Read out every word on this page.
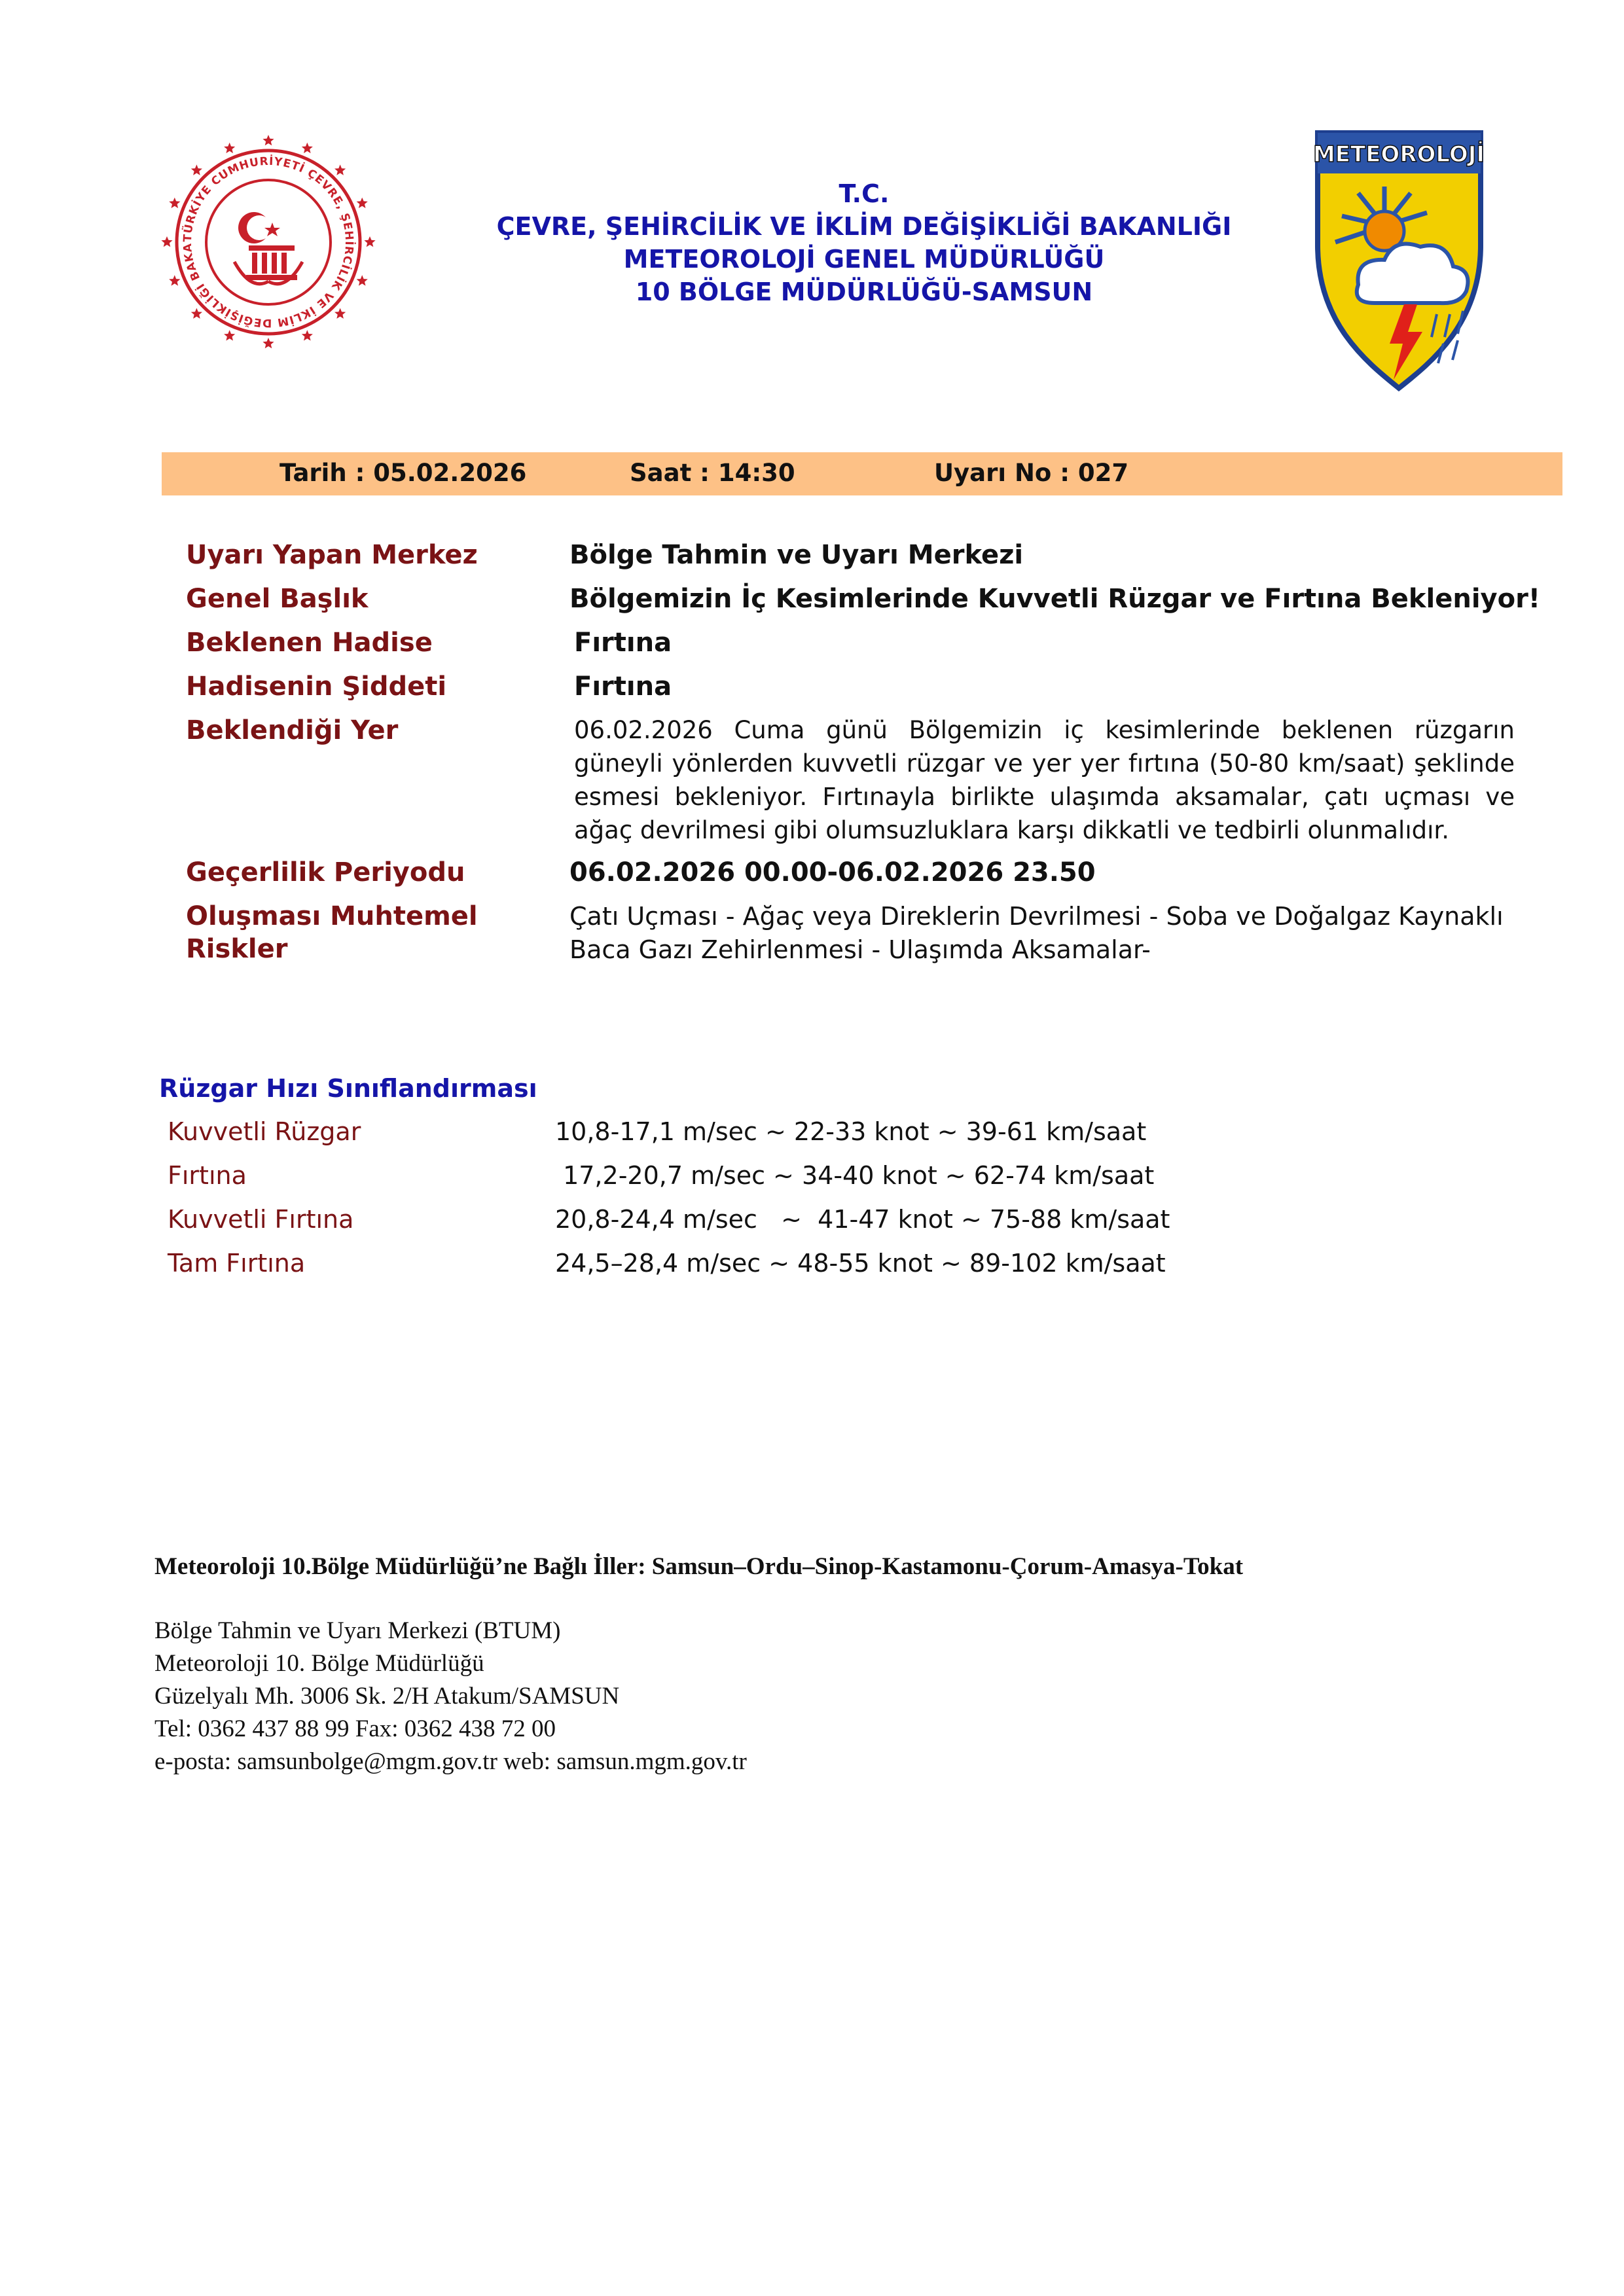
TÜRKİYE CUMHURİYETİ ÇEVRE, ŞEHİRCİLİK VE İKLİM DEĞİŞİKLİĞİ BAKA
T.C.
ÇEVRE, ŞEHİRCİLİK VE İKLİM DEĞİŞİKLİĞİ BAKANLIĞI
METEOROLOJİ GENEL MÜDÜRLÜĞÜ
10 BÖLGE MÜDÜRLÜĞÜ-SAMSUN
METEOROLOJİ
Tarih : 05.02.2026	Saat : 14:30	Uyarı No : 027
Uyarı Yapan Merkez	Bölge Tahmin ve Uyarı Merkezi
Genel Başlık	Bölgemizin İç Kesimlerinde Kuvvetli Rüzgar ve Fırtına Bekleniyor!
Beklenen Hadise	Fırtına
Hadisenin Şiddeti	Fırtına
Beklendiği Yer	06.02.2026 Cuma günü Bölgemizin iç kesimlerinde beklenen rüzgarın güneyli yönlerden kuvvetli rüzgar ve yer yer fırtına (50-80 km/saat) şeklinde esmesi bekleniyor. Fırtınayla birlikte ulaşımda aksamalar, çatı uçması ve ağaç devrilmesi gibi olumsuzluklara karşı dikkatli ve tedbirli olunmalıdır.
Geçerlilik Periyodu	06.02.2026 00.00-06.02.2026 23.50
Oluşması Muhtemel
Riskler
Çatı Uçması - Ağaç veya Direklerin Devrilmesi - Soba ve Doğalgaz Kaynaklı Baca Gazı Zehirlenmesi - Ulaşımda Aksamalar-
Rüzgar Hızı Sınıflandırması
Kuvvetli Rüzgar	10,8-17,1 m/sec ~ 22-33 knot ~ 39-61 km/saat
Fırtına	17,2-20,7 m/sec ~ 34-40 knot ~ 62-74 km/saat
Kuvvetli Fırtına	20,8-24,4 m/sec   ~  41-47 knot ~ 75-88 km/saat
Tam Fırtına	24,5–28,4 m/sec ~ 48-55 knot ~ 89-102 km/saat
Meteoroloji 10.Bölge Müdürlüğü’ne Bağlı İller: Samsun–Ordu–Sinop-Kastamonu-Çorum-Amasya-Tokat
Bölge Tahmin ve Uyarı Merkezi (BTUM)
Meteoroloji 10. Bölge Müdürlüğü
Güzelyalı Mh. 3006 Sk. 2/H Atakum/SAMSUN
Tel: 0362 437 88 99 Fax: 0362 438 72 00
e-posta: samsunbolge@mgm.gov.tr web: samsun.mgm.gov.tr
